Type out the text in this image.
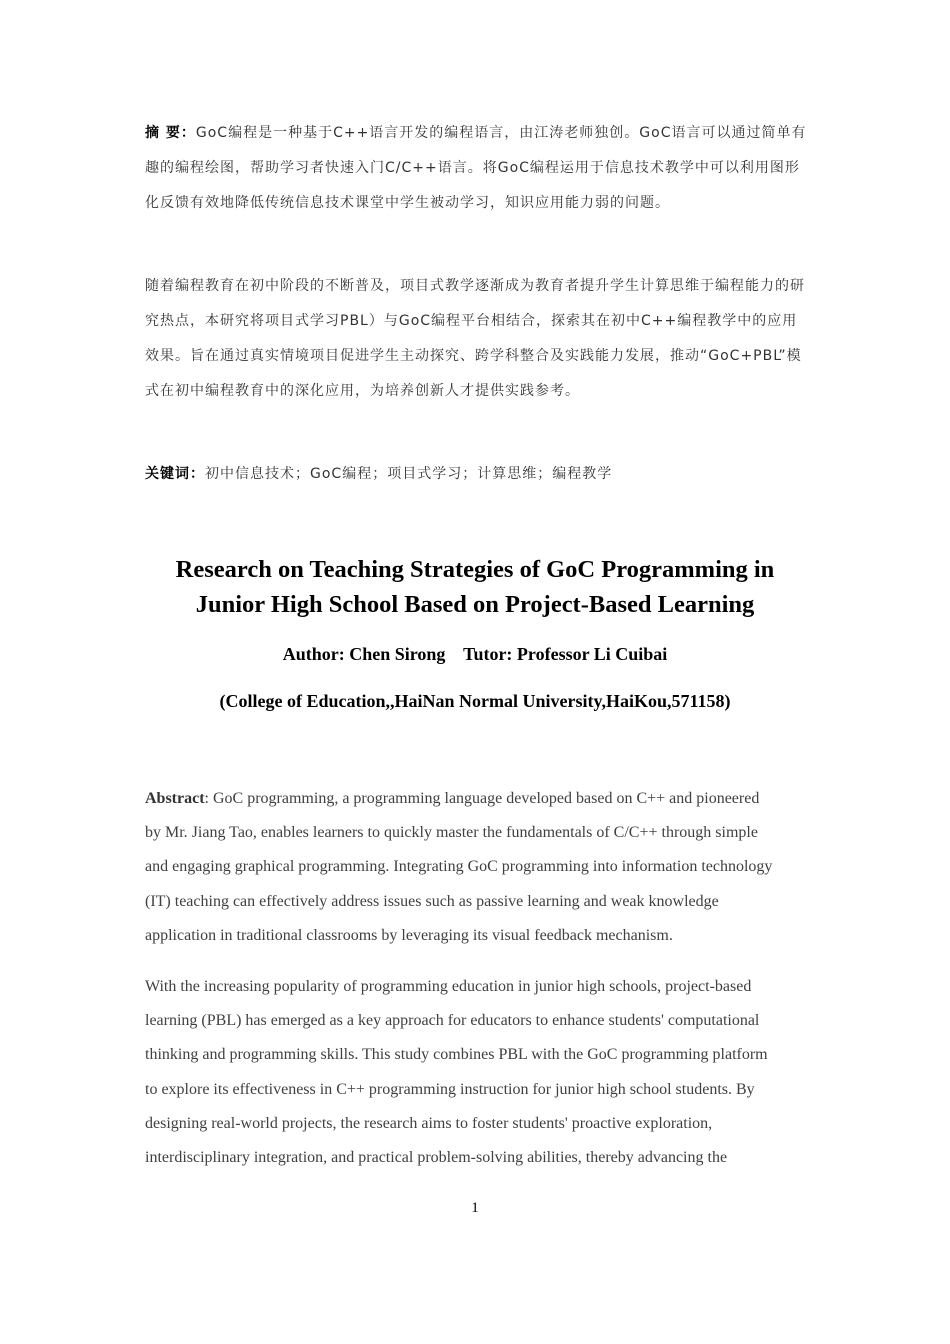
摘 要：GoC编程是一种基于C++语言开发的编程语言，由江涛老师独创。GoC语言可以通过简单有趣的编程绘图，帮助学习者快速入门C/C++语言。将GoC编程运用于信息技术教学中可以利用图形化反馈有效地降低传统信息技术课堂中学生被动学习，知识应用能力弱的问题。

随着编程教育在初中阶段的不断普及，项目式教学逐渐成为教育者提升学生计算思维于编程能力的研究热点，本研究将项目式学习PBL）与GoC编程平台相结合，探索其在初中C++编程教学中的应用效果。旨在通过真实情境项目促进学生主动探究、跨学科整合及实践能力发展，推动“GoC+PBL”模式在初中编程教育中的深化应用，为培养创新人才提供实践参考。

关键词：初中信息技术；GoC编程；项目式学习；计算思维；编程教学

Research on Teaching Strategies of GoC Programming in
Junior High School Based on Project-Based Learning

Author: Chen Sirong    Tutor: Professor Li Cuibai

(College of Education,,HaiNan Normal University,HaiKou,571158)

Abstract: GoC programming, a programming language developed based on C++ and pioneered
by Mr. Jiang Tao, enables learners to quickly master the fundamentals of C/C++ through simple
and engaging graphical programming. Integrating GoC programming into information technology
(IT) teaching can effectively address issues such as passive learning and weak knowledge
application in traditional classrooms by leveraging its visual feedback mechanism.

With the increasing popularity of programming education in junior high schools, project-based
learning (PBL) has emerged as a key approach for educators to enhance students' computational
thinking and programming skills. This study combines PBL with the GoC programming platform
to explore its effectiveness in C++ programming instruction for junior high school students. By
designing real-world projects, the research aims to foster students' proactive exploration,
interdisciplinary integration, and practical problem-solving abilities, thereby advancing the

1
